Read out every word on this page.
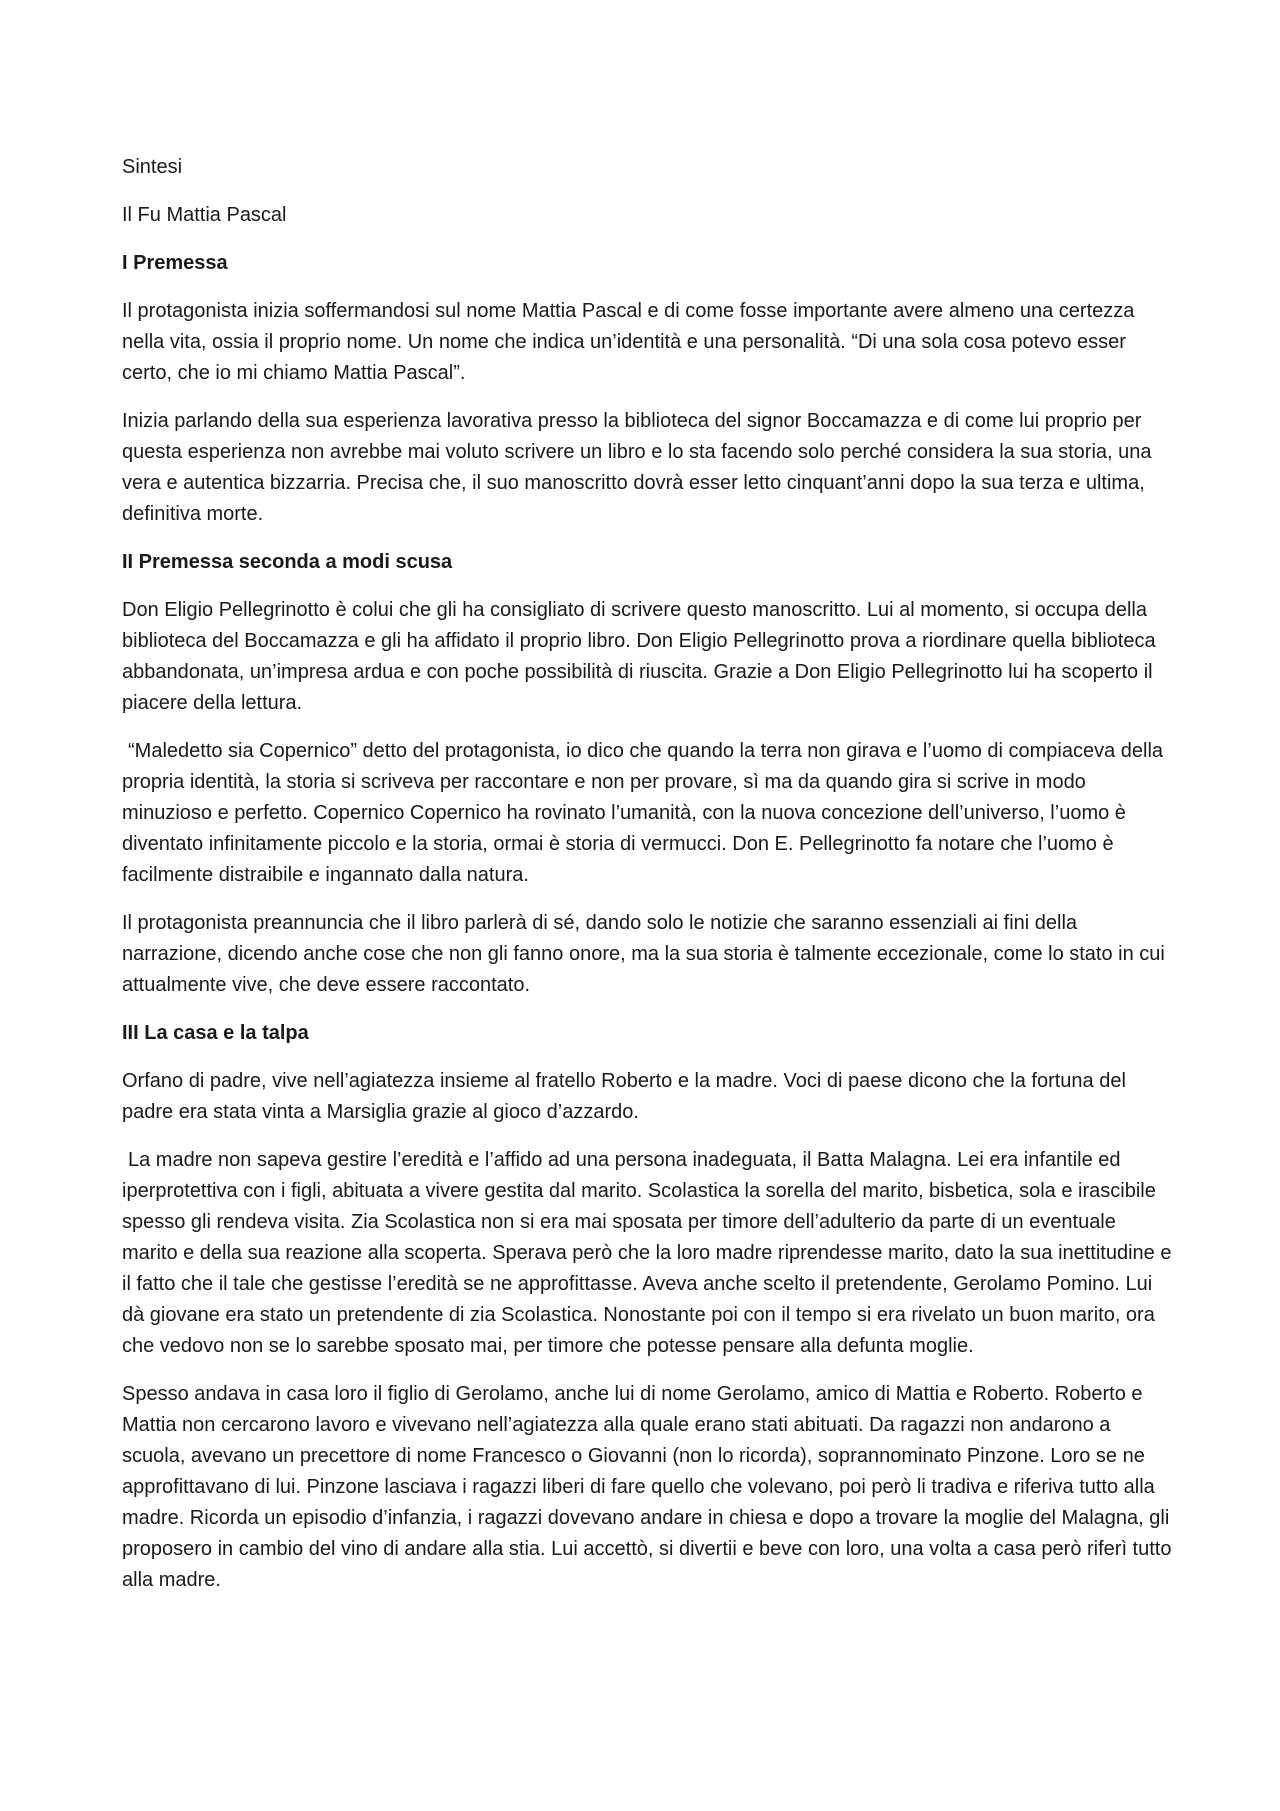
Sintesi

Il Fu Mattia Pascal

I Premessa

Il protagonista inizia soffermandosi sul nome Mattia Pascal e di come fosse importante avere almeno una certezza nella vita, ossia il proprio nome. Un nome che indica un’identità e una personalità. “Di una sola cosa potevo esser certo, che io mi chiamo Mattia Pascal”.

Inizia parlando della sua esperienza lavorativa presso la biblioteca del signor Boccamazza e di come lui proprio per questa esperienza non avrebbe mai voluto scrivere un libro e lo sta facendo solo perché considera la sua storia, una vera e autentica bizzarria. Precisa che, il suo manoscritto dovrà esser letto cinquant’anni dopo la sua terza e ultima, definitiva morte.

II Premessa seconda a modi scusa

Don Eligio Pellegrinotto è colui che gli ha consigliato di scrivere questo manoscritto. Lui al momento, si occupa della biblioteca del Boccamazza e gli ha affidato il proprio libro. Don Eligio Pellegrinotto prova a riordinare quella biblioteca abbandonata, un’impresa ardua e con poche possibilità di riuscita. Grazie a Don Eligio Pellegrinotto lui ha scoperto il piacere della lettura.

“Maledetto sia Copernico” detto del protagonista, io dico che quando la terra non girava e l’uomo di compiaceva della propria identità, la storia si scriveva per raccontare e non per provare, sì ma da quando gira si scrive in modo minuzioso e perfetto. Copernico Copernico ha rovinato l’umanità, con la nuova concezione dell’universo, l’uomo è diventato infinitamente piccolo e la storia, ormai è storia di vermucci. Don E. Pellegrinotto fa notare che l’uomo è facilmente distraibile e ingannato dalla natura.

Il protagonista preannuncia che il libro parlerà di sé, dando solo le notizie che saranno essenziali ai fini della narrazione, dicendo anche cose che non gli fanno onore, ma la sua storia è talmente eccezionale, come lo stato in cui attualmente vive, che deve essere raccontato.

III La casa e la talpa

Orfano di padre, vive nell’agiatezza insieme al fratello Roberto e la madre. Voci di paese dicono che la fortuna del padre era stata vinta a Marsiglia grazie al gioco d’azzardo.

La madre non sapeva gestire l’eredità e l’affido ad una persona inadeguata, il Batta Malagna. Lei era infantile ed iperprotettiva con i figli, abituata a vivere gestita dal marito. Scolastica la sorella del marito, bisbetica, sola e irascibile spesso gli rendeva visita. Zia Scolastica non si era mai sposata per timore dell’adulterio da parte di un eventuale marito e della sua reazione alla scoperta. Sperava però che la loro madre riprendesse marito, dato la sua inettitudine e il fatto che il tale che gestisse l’eredità se ne approfittasse. Aveva anche scelto il pretendente, Gerolamo Pomino. Lui dà giovane era stato un pretendente di zia Scolastica. Nonostante poi con il tempo si era rivelato un buon marito, ora che vedovo non se lo sarebbe sposato mai, per timore che potesse pensare alla defunta moglie.

Spesso andava in casa loro il figlio di Gerolamo, anche lui di nome Gerolamo, amico di Mattia e Roberto. Roberto e Mattia non cercarono lavoro e vivevano nell’agiatezza alla quale erano stati abituati. Da ragazzi non andarono a scuola, avevano un precettore di nome Francesco o Giovanni (non lo ricorda), soprannominato Pinzone. Loro se ne approfittavano di lui. Pinzone lasciava i ragazzi liberi di fare quello che volevano, poi però li tradiva e riferiva tutto alla madre. Ricorda un episodio d’infanzia, i ragazzi dovevano andare in chiesa e dopo a trovare la moglie del Malagna, gli proposero in cambio del vino di andare alla stia. Lui accettò, si divertii e beve con loro, una volta a casa però riferì tutto alla madre.
